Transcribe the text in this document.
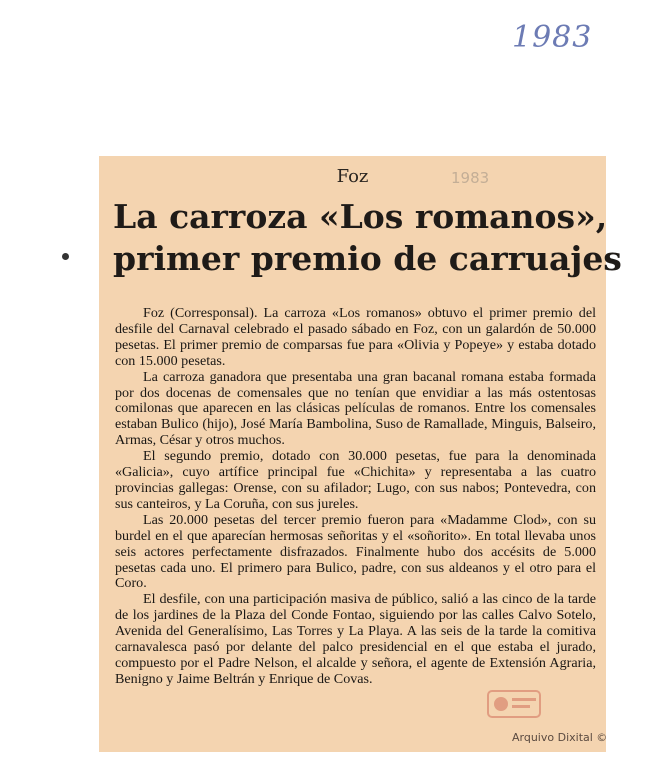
1983
Foz	1983
La carroza «Los romanos»,
primer premio de carruajes

Foz (Corresponsal). La carroza «Los romanos» obtuvo el primer premio del desfile del Carnaval celebrado el pasado sábado en Foz, con un galardón de 50.000 pesetas. El primer premio de comparsas fue para «Olivia y Popeye» y estaba dotado con 15.000 pesetas.

La carroza ganadora que presentaba una gran bacanal romana estaba formada por dos docenas de comensales que no tenían que envidiar a las más ostentosas comilonas que aparecen en las clásicas películas de romanos. Entre los comensales estaban Bulico (hijo), José María Bambolina, Suso de Ramallade, Minguis, Balseiro, Armas, César y otros muchos.

El segundo premio, dotado con 30.000 pesetas, fue para la denominada «Galicia», cuyo artífice principal fue «Chichita» y representaba a las cuatro provincias gallegas: Orense, con su afilador; Lugo, con sus nabos; Pontevedra, con sus canteiros, y La Coruña, con sus jureles.

Las 20.000 pesetas del tercer premio fueron para «Madamme Clod», con su burdel en el que aparecían hermosas señoritas y el «soñorito». En total llevaba unos seis actores perfectamente disfrazados. Finalmente hubo dos accésits de 5.000 pesetas cada uno. El primero para Bulico, padre, con sus aldeanos y el otro para el Coro.

El desfile, con una participación masiva de público, salió a las cinco de la tarde de los jardines de la Plaza del Conde Fontao, siguiendo por las calles Calvo Sotelo, Avenida del Generalísimo, Las Torres y La Playa. A las seis de la tarde la comitiva carnavalesca pasó por delante del palco presidencial en el que estaba el jurado, compuesto por el Padre Nelson, el alcalde y señora, el agente de Extensión Agraria, Benigno y Jaime Beltrán y Enrique de Covas.

Arquivo Dixital ©
